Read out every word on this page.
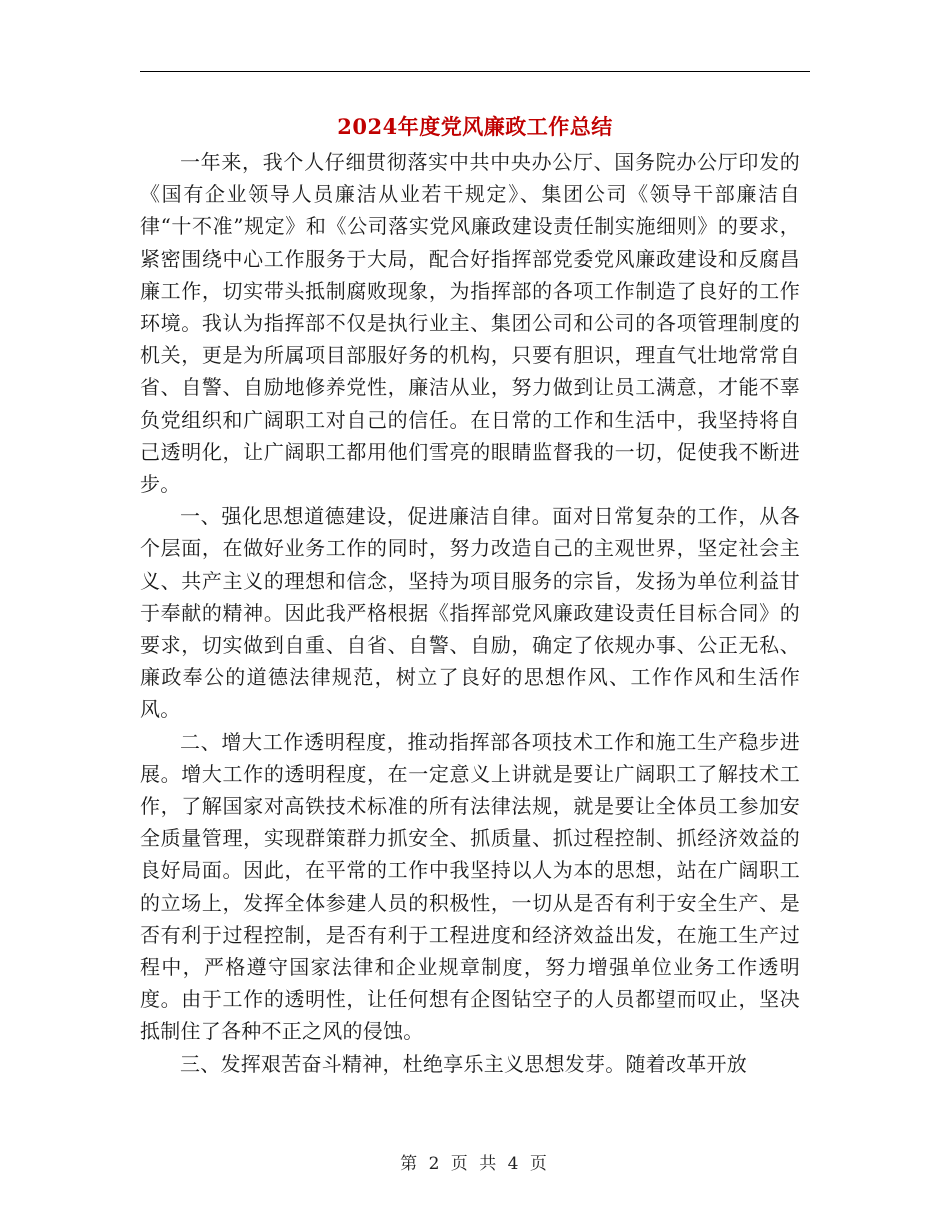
2024年度党风廉政工作总结

一年来，我个人仔细贯彻落实中共中央办公厅、国务院办公厅印发的《国有企业领导人员廉洁从业若干规定》、集团公司《领导干部廉洁自律“十不准”规定》和《公司落实党风廉政建设责任制实施细则》的要求，紧密围绕中心工作服务于大局，配合好指挥部党委党风廉政建设和反腐昌廉工作，切实带头抵制腐败现象，为指挥部的各项工作制造了良好的工作环境。我认为指挥部不仅是执行业主、集团公司和公司的各项管理制度的机关，更是为所属项目部服好务的机构，只要有胆识，理直气壮地常常自省、自警、自励地修养党性，廉洁从业，努力做到让员工满意，才能不辜负党组织和广阔职工对自己的信任。在日常的工作和生活中，我坚持将自己透明化，让广阔职工都用他们雪亮的眼睛监督我的一切，促使我不断进步。

一、强化思想道德建设，促进廉洁自律。面对日常复杂的工作，从各个层面，在做好业务工作的同时，努力改造自己的主观世界，坚定社会主义、共产主义的理想和信念，坚持为项目服务的宗旨，发扬为单位利益甘于奉献的精神。因此我严格根据《指挥部党风廉政建设责任目标合同》的要求，切实做到自重、自省、自警、自励，确定了依规办事、公正无私、廉政奉公的道德法律规范，树立了良好的思想作风、工作作风和生活作风。

二、增大工作透明程度，推动指挥部各项技术工作和施工生产稳步进展。增大工作的透明程度，在一定意义上讲就是要让广阔职工了解技术工作，了解国家对高铁技术标准的所有法律法规，就是要让全体员工参加安全质量管理，实现群策群力抓安全、抓质量、抓过程控制、抓经济效益的良好局面。因此，在平常的工作中我坚持以人为本的思想，站在广阔职工的立场上，发挥全体参建人员的积极性，一切从是否有利于安全生产、是否有利于过程控制，是否有利于工程进度和经济效益出发，在施工生产过程中，严格遵守国家法律和企业规章制度，努力增强单位业务工作透明度。由于工作的透明性，让任何想有企图钻空子的人员都望而叹止，坚决抵制住了各种不正之风的侵蚀。

三、发挥艰苦奋斗精神，杜绝享乐主义思想发芽。随着改革开放

第 2 页 共 4 页
